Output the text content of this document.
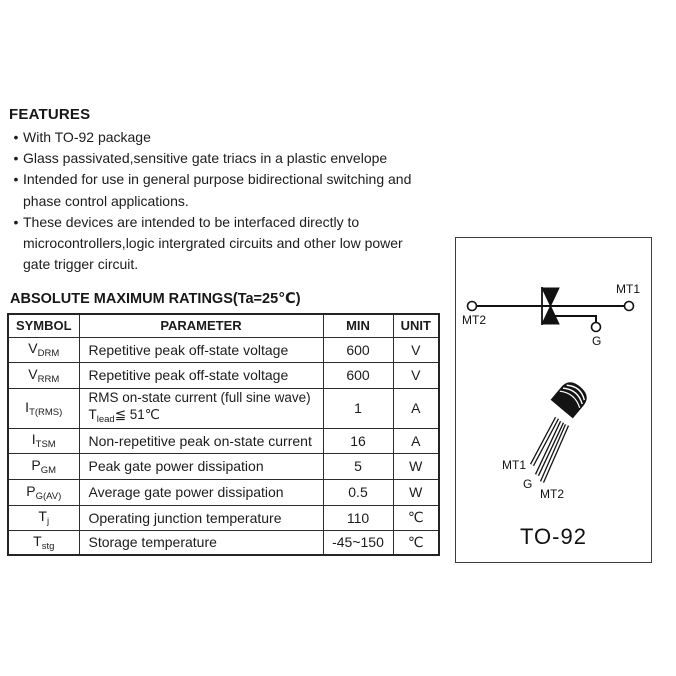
FEATURES
• With TO-92 package
• Glass passivated,sensitive gate triacs in a plastic envelope
• Intended for use in general purpose bidirectional switching and
phase control applications.
• These devices are intended to be interfaced directly to
microcontrollers,logic intergrated circuits and other low power
gate trigger circuit.
ABSOLUTE MAXIMUM RATINGS(Ta=25℃)
SYMBOL	PARAMETER	MIN	UNIT
$V_{DRM}$	Repetitive peak off-state voltage	600	V
$V_{RRM}$	Repetitive peak off-state voltage	600	V
$I_{T(RMS)}$	RMS on-state current (full sine wave)
$T_{lead}≦$ 51℃	1	A
$I_{TSM}$	Non-repetitive peak on-state current	16	A
$P_{GM}$	Peak gate power dissipation	5	W
$P_{G(AV)}$	Average gate power dissipation	0.5	W
$T_j$	Operating junction temperature	110	℃
$T_{stg}$	Storage temperature	-45~150	℃
MT2
MT1
G
MT1
G
MT2
TO-92
